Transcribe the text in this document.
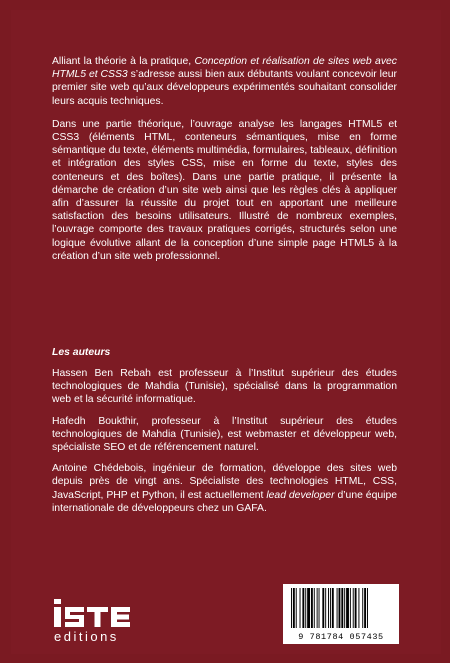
Alliant la théorie à la pratique, Conception et réalisation de sites web avec HTML5 et CSS3 s’adresse aussi bien aux débutants voulant concevoir leur premier site web qu’aux développeurs expérimentés souhaitant consolider leurs acquis techniques.

Dans une partie théorique, l’ouvrage analyse les langages HTML5 et CSS3 (éléments HTML, conteneurs sémantiques, mise en forme sémantique du texte, éléments multimédia, formulaires, tableaux, définition et intégration des styles CSS, mise en forme du texte, styles des conteneurs et des boîtes). Dans une partie pratique, il présente la démarche de création d’un site web ainsi que les règles clés à appliquer afin d’assurer la réussite du projet tout en apportant une meilleure satisfaction des besoins utilisateurs. Illustré de nombreux exemples, l’ouvrage comporte des travaux pratiques corrigés, structurés selon une logique évolutive allant de la conception d’une simple page HTML5 à la création d’un site web professionnel.

Les auteurs

Hassen Ben Rebah est professeur à l’Institut supérieur des études technologiques de Mahdia (Tunisie), spécialisé dans la programmation web et la sécurité informatique.

Hafedh Boukthir, professeur à l’Institut supérieur des études technologiques de Mahdia (Tunisie), est webmaster et développeur web, spécialiste SEO et de référencement naturel.

Antoine Chédebois, ingénieur de formation, développe des sites web depuis près de vingt ans. Spécialiste des technologies HTML, CSS, JavaScript, PHP et Python, il est actuellement lead developer d’une équipe internationale de développeurs chez un GAFA.

editions	9 781784 057435
